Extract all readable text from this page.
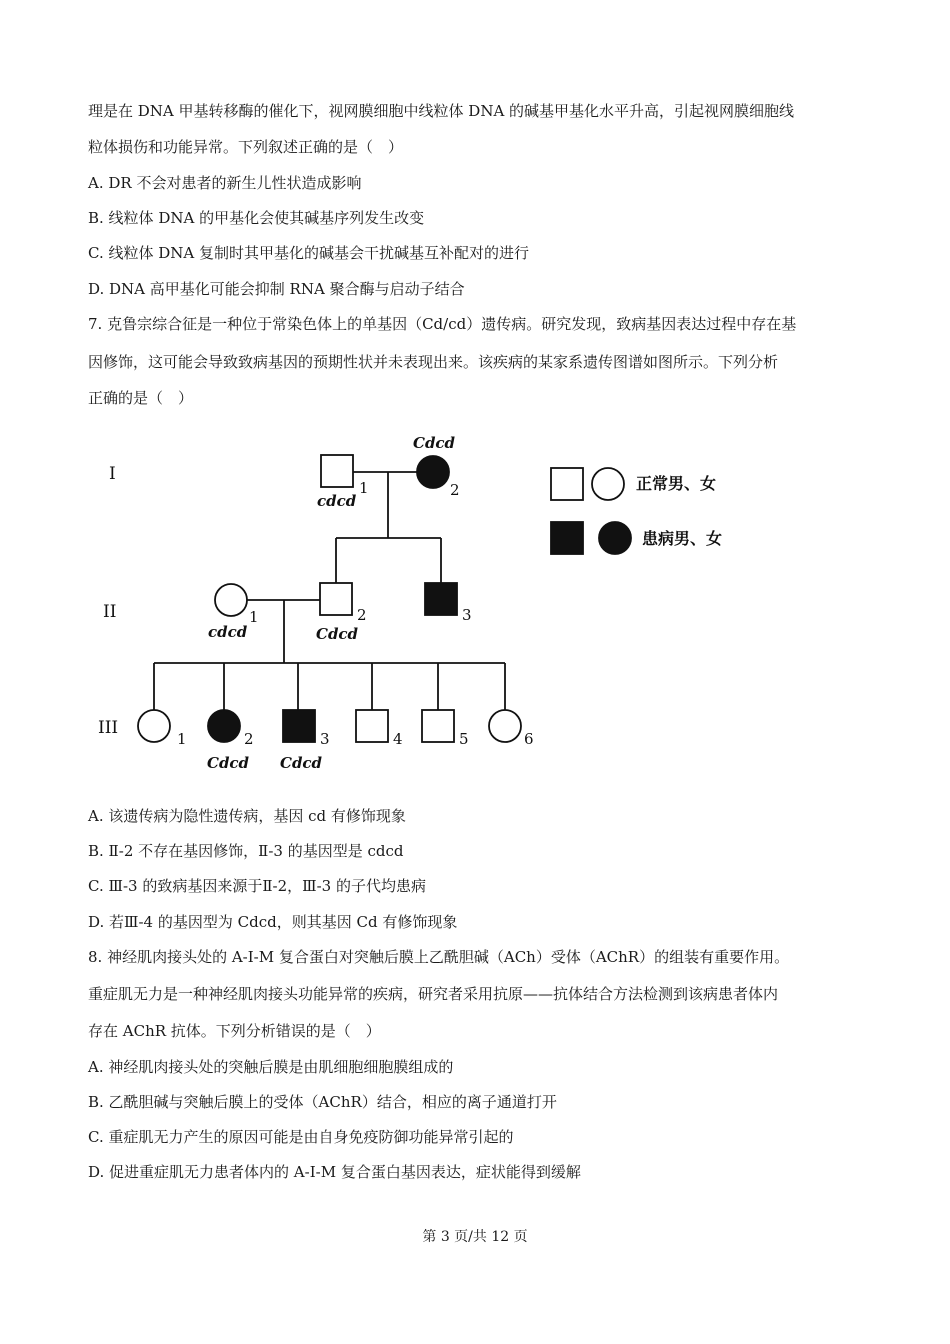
理是在 DNA 甲基转移酶的催化下，视网膜细胞中线粒体 DNA 的碱基甲基化水平升高，引起视网膜细胞线
粒体损伤和功能异常。下列叙述正确的是（　）
A. DR 不会对患者的新生儿性状造成影响
B. 线粒体 DNA 的甲基化会使其碱基序列发生改变
C. 线粒体 DNA 复制时其甲基化的碱基会干扰碱基互补配对的进行
D. DNA 高甲基化可能会抑制 RNA 聚合酶与启动子结合
7. 克鲁宗综合征是一种位于常染色体上的单基因（Cd/cd）遗传病。研究发现，致病基因表达过程中存在基
因修饰，这可能会导致致病基因的预期性状并未表现出来。该疾病的某家系遗传图谱如图所示。下列分析
正确的是（　）
A. 该遗传病为隐性遗传病，基因 cd 有修饰现象
B. Ⅱ-2 不存在基因修饰，Ⅱ-3 的基因型是 cdcd
C. Ⅲ-3 的致病基因来源于Ⅱ-2，Ⅲ-3 的子代均患病
D. 若Ⅲ-4 的基因型为 Cdcd，则其基因 Cd 有修饰现象
8. 神经肌肉接头处的 A-I-M 复合蛋白对突触后膜上乙酰胆碱（ACh）受体（AChR）的组装有重要作用。
重症肌无力是一种神经肌肉接头功能异常的疾病，研究者采用抗原——抗体结合方法检测到该病患者体内
存在 AChR 抗体。下列分析错误的是（　）
A. 神经肌肉接头处的突触后膜是由肌细胞细胞膜组成的
B. 乙酰胆碱与突触后膜上的受体（AChR）结合，相应的离子通道打开
C. 重症肌无力产生的原因可能是由自身免疫防御功能异常引起的
D. 促进重症肌无力患者体内的 A-I-M 复合蛋白基因表达，症状能得到缓解
I
II
III
1	2
cdcd
Cdcd
1	2	3
cdcd	Cdcd
1	2	3	4	5	6
Cdcd Cdcd
正常男、女
患病男、女
第 3 页/共 12 页
